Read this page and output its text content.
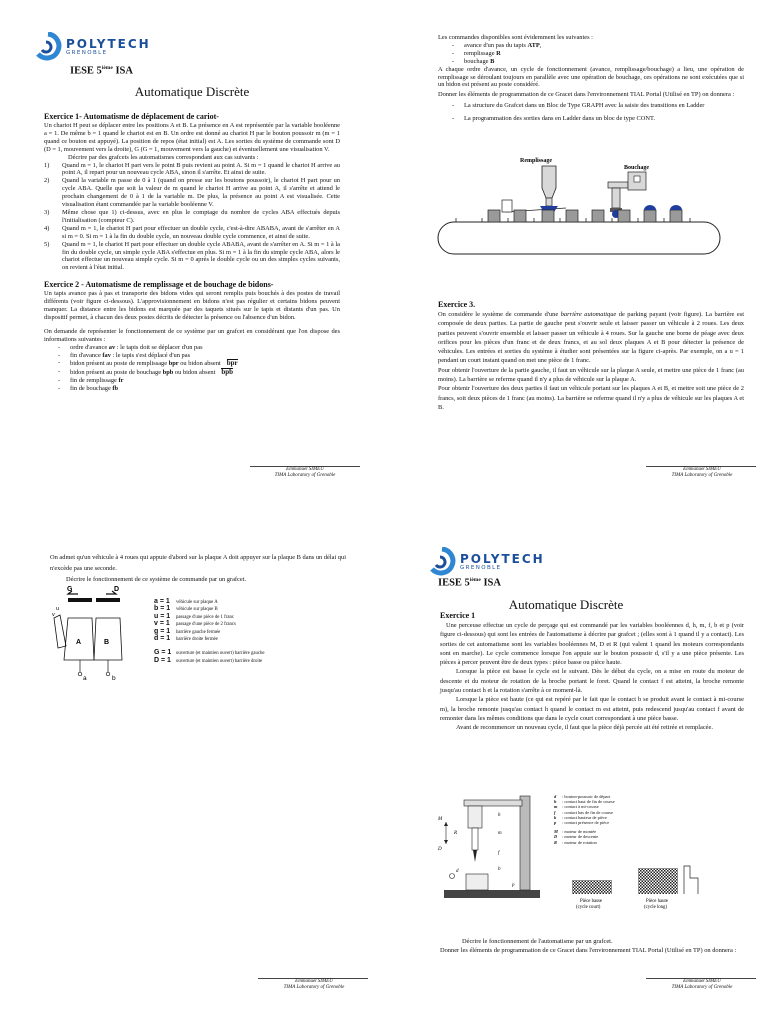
POLYTECH
GRENOBLE
IESE 5ième ISA
Automatique Discrète
Exercice 1- Automatisme de déplacement de cariot-

Un chariot H peut se déplacer entre les positions A et B. La présence en A est représentée par la variable booléenne a = 1. De même b = 1 quand le chariot est en B. Un ordre est donné au chariot H par le bouton poussoir m (m = 1 quand ce bouton est appuyé). La position de repos (état initial) est A. Les sorties du système de commande sont D (D = 1, mouvement vers la droite), G (G = 1, mouvement vers la gauche) et éventuellement une visualisation V.

Décrire par des grafcets les automatismes correspondant aux cas suivants :

1) Quand m = 1, le chariot H part vers le point B puis revient au point A. Si m = 1 quand le chariot H arrive au point A, il repart pour un nouveau cycle ABA, sinon il s'arrête. Et ainsi de suite.
2) Quand la variable m passe de 0 à 1 (quand on presse sur les boutons poussoir), le chariot H part pour un cycle ABA. Quelle que soit la valeur de m quand le chariot H arrive au point A, il s'arrête et attend le prochain changement de 0 à 1 de la variable m. De plus, la présence au point A est visualisée. Cette visualisation étant commandée par la variable booléenne V.
3) Même chose que 1) ci-dessus, avec en plus le comptage du nombre de cycles ABA effectués depuis l'initialisation (compteur C).
4) Quand m = 1, le chariot H part pour effectuer un double cycle, c'est-à-dire ABABA, avant de s'arrêter en A si m = 0. Si m = 1 à la fin du double cycle, un nouveau double cycle commence, et ainsi de suite.
5) Quand m = 1, le chariot H part pour effectuer un double cycle ABABA, avant de s'arrêter en A. Si m = 1 à la fin du double cycle, un simple cycle ABA s'effectue en plus. Si m = 1 à la fin du simple cycle ABA, alors le chariot effectue un nouveau simple cycle. Si m = 0 après le double cycle ou un des simples cycles suivants, on revient à l'état initial.
Exercice 2 - Automatisme de remplissage et de bouchage de bidons-

Un tapis avance pas à pas et transporte des bidons vides qui seront remplis puis bouchés à des postes de travail différents (voir figure ci-dessous). L'approvisionnement en bidons n'est pas régulier et certains bidons peuvent manquer. La distance entre les bidons est marquée par des taquets situés sur le tapis et distants d'un pas. Un dispositif permet, à chacun des deux postes décrits de détecter la présence ou l'absence d'un bidon.

On demande de représenter le fonctionnement de ce système par un grafcet en considérant que l'on dispose des informations suivantes :

- ordre d'avance av : le tapis doit se déplacer d'un pas
- fin d'avance fav : le tapis s'est déplacé d'un pas
- bidon présent au poste de remplissage bpr ou bidon absent bpr
- bidon présent au poste de bouchage bpb ou bidon absent bpb
- fin de remplissage fr
- fin de bouchage fb
Emmanuel SIMEU
TIMA Laboratory of Grenoble

Les commandes disponibles sont évidemment les suivantes :

- avance d'un pas du tapis ATP,
- remplissage R
- bouchage B

A chaque ordre d'avance, un cycle de fonctionnement (avance, remplissage/bouchage) a lieu, une opération de remplissage se déroulant toujours en parallèle avec une opération de bouchage, ces opérations ne sont exécutées que si un bidon est présent au poste considéré.

Donner les éléments de programmation de ce Gracet dans l'environnement TIAL Portal (Utilisé en TP) on donnera :

- La structure du Grafcet dans un Bloc de Type GRAPH avec la saisie des transitions en Ladder
- La programmation des sorties dans en Ladder dans un bloc de type CONT.
Remplissage
Bouchage
Exercice 3.

On considère le système de commande d'une barrière automatique de parking payant (voir figure). La barrière est composée de deux parties. La partie de gauche peut s'ouvrir seule et laisser passer un véhicule à 2 roues. Les deux parties peuvent s'ouvrir ensemble et laisser passer un véhicule à 4 roues. Sur la gauche une borne de péage avec deux orifices pour les pièces d'un franc et de deux francs, et au sol deux plaques A et B pour détecter la présence de véhicules. Les entrées et sorties du système à étudier sont présentées sur la figure ci-après. Par exemple, on a u = 1 pendant un court instant quand on met une pièce de 1 franc.

Pour obtenir l'ouverture de la partie gauche, il faut un véhicule sur la plaque A seule, et mettre une pièce de 1 franc (au moins). La barrière se referme quand il n'y a plus de véhicule sur la plaque A.

Pour obtenir l'ouverture des deux parties il faut un véhicule portant sur les plaques A et B, et mettre soit une pièce de 2 francs, soit deux pièces de 1 franc (au moins). La barrière se referme quand il n'y a plus de véhicule sur les plaques A et B.

Emmanuel SIMEU
TIMA Laboratory of Grenoble

On admet qu'un véhicule à 4 roues qui appuie d'abord sur la plaque A doit appuyer sur la plaque B dans un délai qui n'excède pas une seconde.

Décrire le fonctionnement de ce système de commande par un grafcet.

G	D
u
v
A	B
a	b
a = 1	véhicule sur plaque A
b = 1	véhicule sur plaque B
u = 1	passage d'une pièce de 1 franc
v = 1	passage d'une pièce de 2 francs
g = 1	barrière gauche fermée
d = 1	barrière droite fermée
G = 1 ouverture (et maintien ouvert) barrière gauche
D = 1	ouverture (et maintien ouvert) barrière droite
Emmanuel SIMEU
TIMA Laboratory of Grenoble
POLYTECH
GRENOBLE
IESE 5ième ISA
Automatique Discrète
Exercice 1

Une perceuse effectue un cycle de perçage qui est commandé par les variables booléennes d, h, m, f, b et p (voir figure ci-dessous) qui sont les entrées de l'automatisme à décrire par grafcet ; (elles sont à 1 quand il y a contact). Les sorties de cet automatisme sont les variables booléennes M, D et R (qui valent 1 quand les moteurs correspondants sont en marche). Le cycle commence lorsque l'on appuie sur le bouton poussoir d, s'il y a une pièce présente. Les pièces à percer peuvent être de deux types : pièce basse ou pièce haute.

Lorsque la pièce est basse le cycle est le suivant. Dès le début du cycle, on a mise en route du moteur de descente et du moteur de rotation de la broche portant le foret. Quand le contact f est atteint, la broche remonte jusqu'au contact h et la rotation s'arrête à ce moment-là.

Lorsque la pièce est haute (ce qui est repéré par le fait que le contact b se produit avant le contact à mi-course m), la broche remonte jusqu'au contact h quand le contact m est atteint, puis redescend jusqu'au contact f avant de remonter dans les mêmes conditions que dans le cycle court correspondant à une pièce basse.

Avant de recommencer un nouveau cycle, il faut que la pièce déjà percée ait été retirée et remplacée.

M
D
R
h
m
f
b
p
d
d	: bouton-poussoir de départ
h	: contact haut de fin de course
m	: contact à mi-course
f	: contact bas de fin de course
b	: contact hauteur de pièce
p	: contact présence de pièce
M : moteur de montée
D	: moteur de descente
R	: moteur de rotation
Pièce basse
(cycle court)
Pièce haute
(cycle long)

Décrire le fonctionnement de l'automatisme par un grafcet.

Donner les éléments de programmation de ce Gracet dans l'environnement TIAL Portal (Utilisé en TP) on donnera :

Emmanuel SIMEU
TIMA Laboratory of Grenoble
